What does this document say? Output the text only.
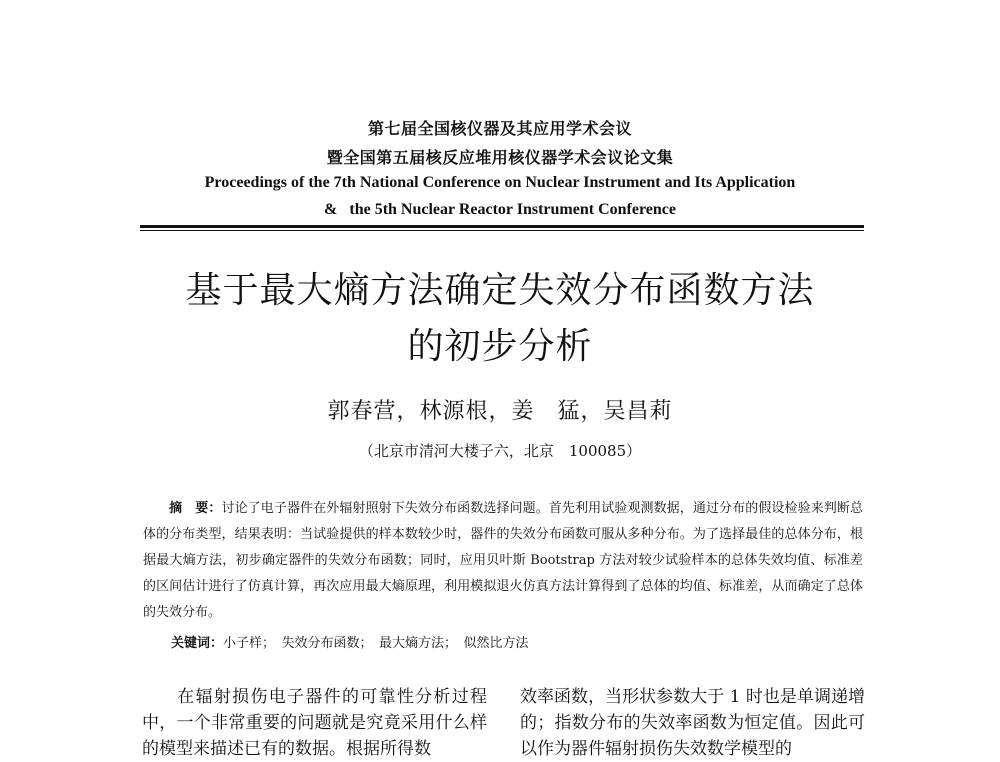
第七届全国核仪器及其应用学术会议
暨全国第五届核反应堆用核仪器学术会议论文集
Proceedings of the 7th National Conference on Nuclear Instrument and Its Application
&   the 5th Nuclear Reactor Instrument Conference
基于最大熵方法确定失效分布函数方法
的初步分析
郭春营，林源根，姜　猛，吴昌莉
（北京市清河大楼子六，北京　100085）
摘　要：讨论了电子器件在外辐射照射下失效分布函数选择问题。首先利用试验观测数据，通过分布的假设检验来判断总体的分布类型，结果表明：当试验提供的样本数较少时，器件的失效分布函数可服从多种分布。为了选择最佳的总体分布，根据最大熵方法，初步确定器件的失效分布函数；同时，应用贝叶斯 Bootstrap 方法对较少试验样本的总体失效均值、标准差的区间估计进行了仿真计算，再次应用最大熵原理，利用模拟退火仿真方法计算得到了总体的均值、标准差，从而确定了总体的失效分布。
关键词：小子样；　失效分布函数；　最大熵方法；　似然比方法

在辐射损伤电子器件的可靠性分析过程中，一个非常重要的问题就是究竟采用什么样的模型来描述已有的数据。根据所得数

效率函数，当形状参数大于 1 时也是单调递增的；指数分布的失效率函数为恒定值。因此可以作为器件辐射损伤失效数学模型的
